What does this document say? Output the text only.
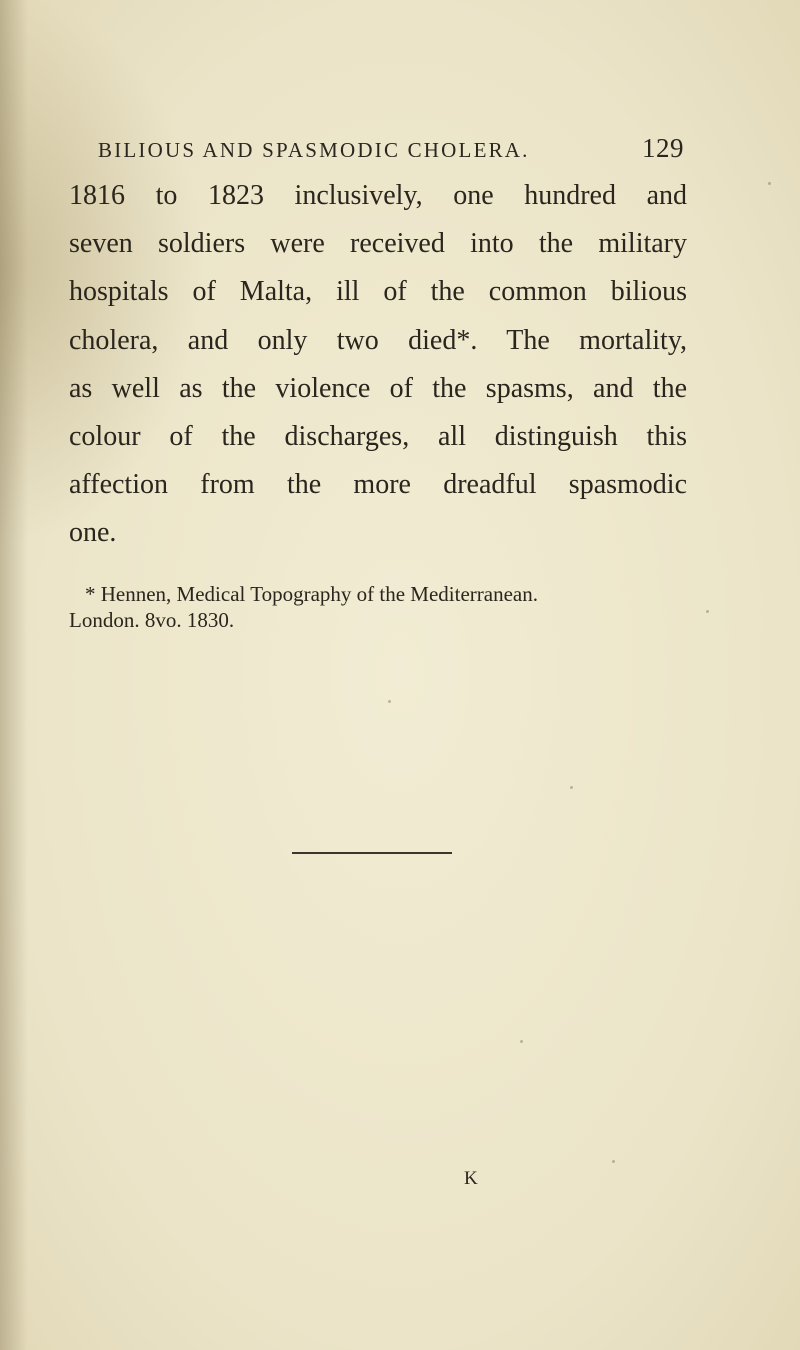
BILIOUS AND SPASMODIC CHOLERA.	129
1816 to 1823 inclusively, one hundred and
seven soldiers were received into the military
hospitals of Malta, ill of the common bilious
cholera, and only two died*. The mortality,
as well as the violence of the spasms, and the
colour of the discharges, all distinguish this
affection from the more dreadful spasmodic
one.
* Hennen, Medical Topography of the Mediterranean.
London. 8vo. 1830.
K
